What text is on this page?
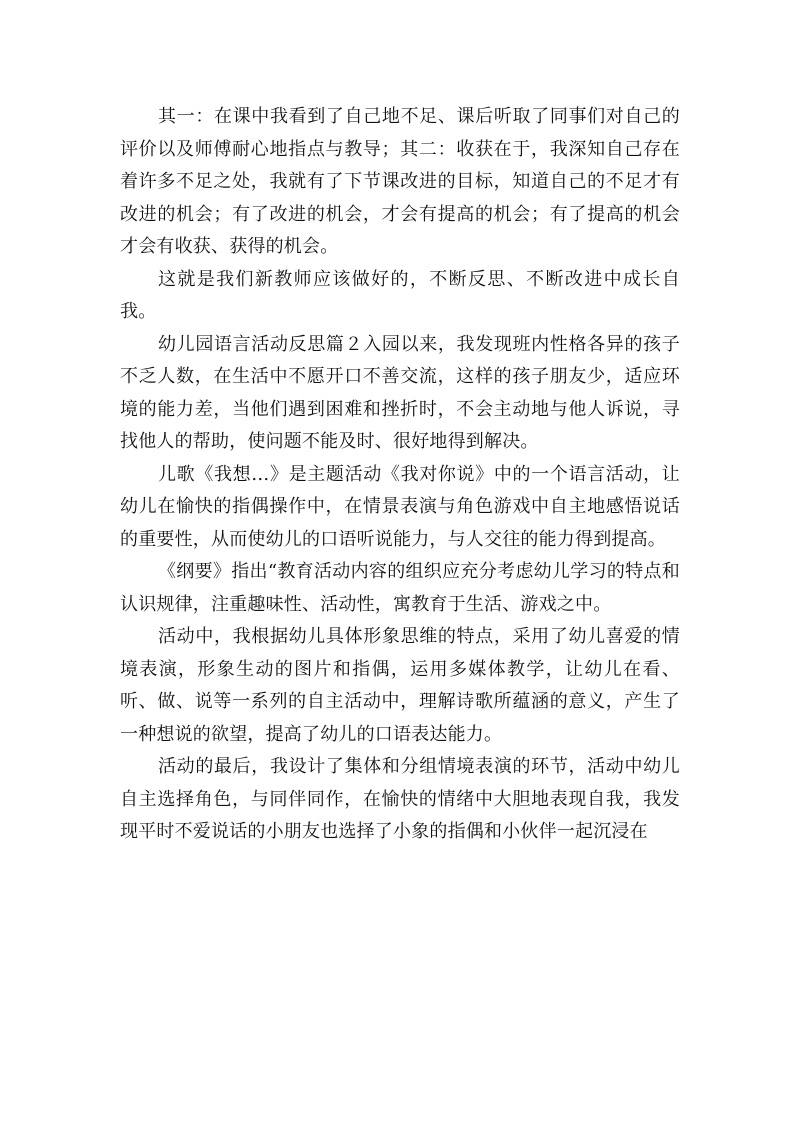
其一：在课中我看到了自己地不足、课后听取了同事们对自己的评价以及师傅耐心地指点与教导；其二：收获在于，我深知自己存在着许多不足之处，我就有了下节课改进的目标，知道自己的不足才有改进的机会；有了改进的机会，才会有提高的机会；有了提高的机会才会有收获、获得的机会。

这就是我们新教师应该做好的，不断反思、不断改进中成长自我。

幼儿园语言活动反思篇２入园以来，我发现班内性格各异的孩子不乏人数，在生活中不愿开口不善交流，这样的孩子朋友少，适应环境的能力差，当他们遇到困难和挫折时，不会主动地与他人诉说，寻找他人的帮助，使问题不能及时、很好地得到解决。

儿歌《我想…》是主题活动《我对你说》中的一个语言活动，让幼儿在愉快的指偶操作中，在情景表演与角色游戏中自主地感悟说话的重要性，从而使幼儿的口语听说能力，与人交往的能力得到提高。

《纲要》指出“教育活动内容的组织应充分考虑幼儿学习的特点和认识规律，注重趣味性、活动性，寓教育于生活、游戏之中。

活动中，我根据幼儿具体形象思维的特点，采用了幼儿喜爱的情境表演，形象生动的图片和指偶，运用多媒体教学，让幼儿在看、听、做、说等一系列的自主活动中，理解诗歌所蕴涵的意义，产生了一种想说的欲望，提高了幼儿的口语表达能力。

活动的最后，我设计了集体和分组情境表演的环节，活动中幼儿自主选择角色，与同伴同作，在愉快的情绪中大胆地表现自我，我发现平时不爱说话的小朋友也选择了小象的指偶和小伙伴一起沉浸在
